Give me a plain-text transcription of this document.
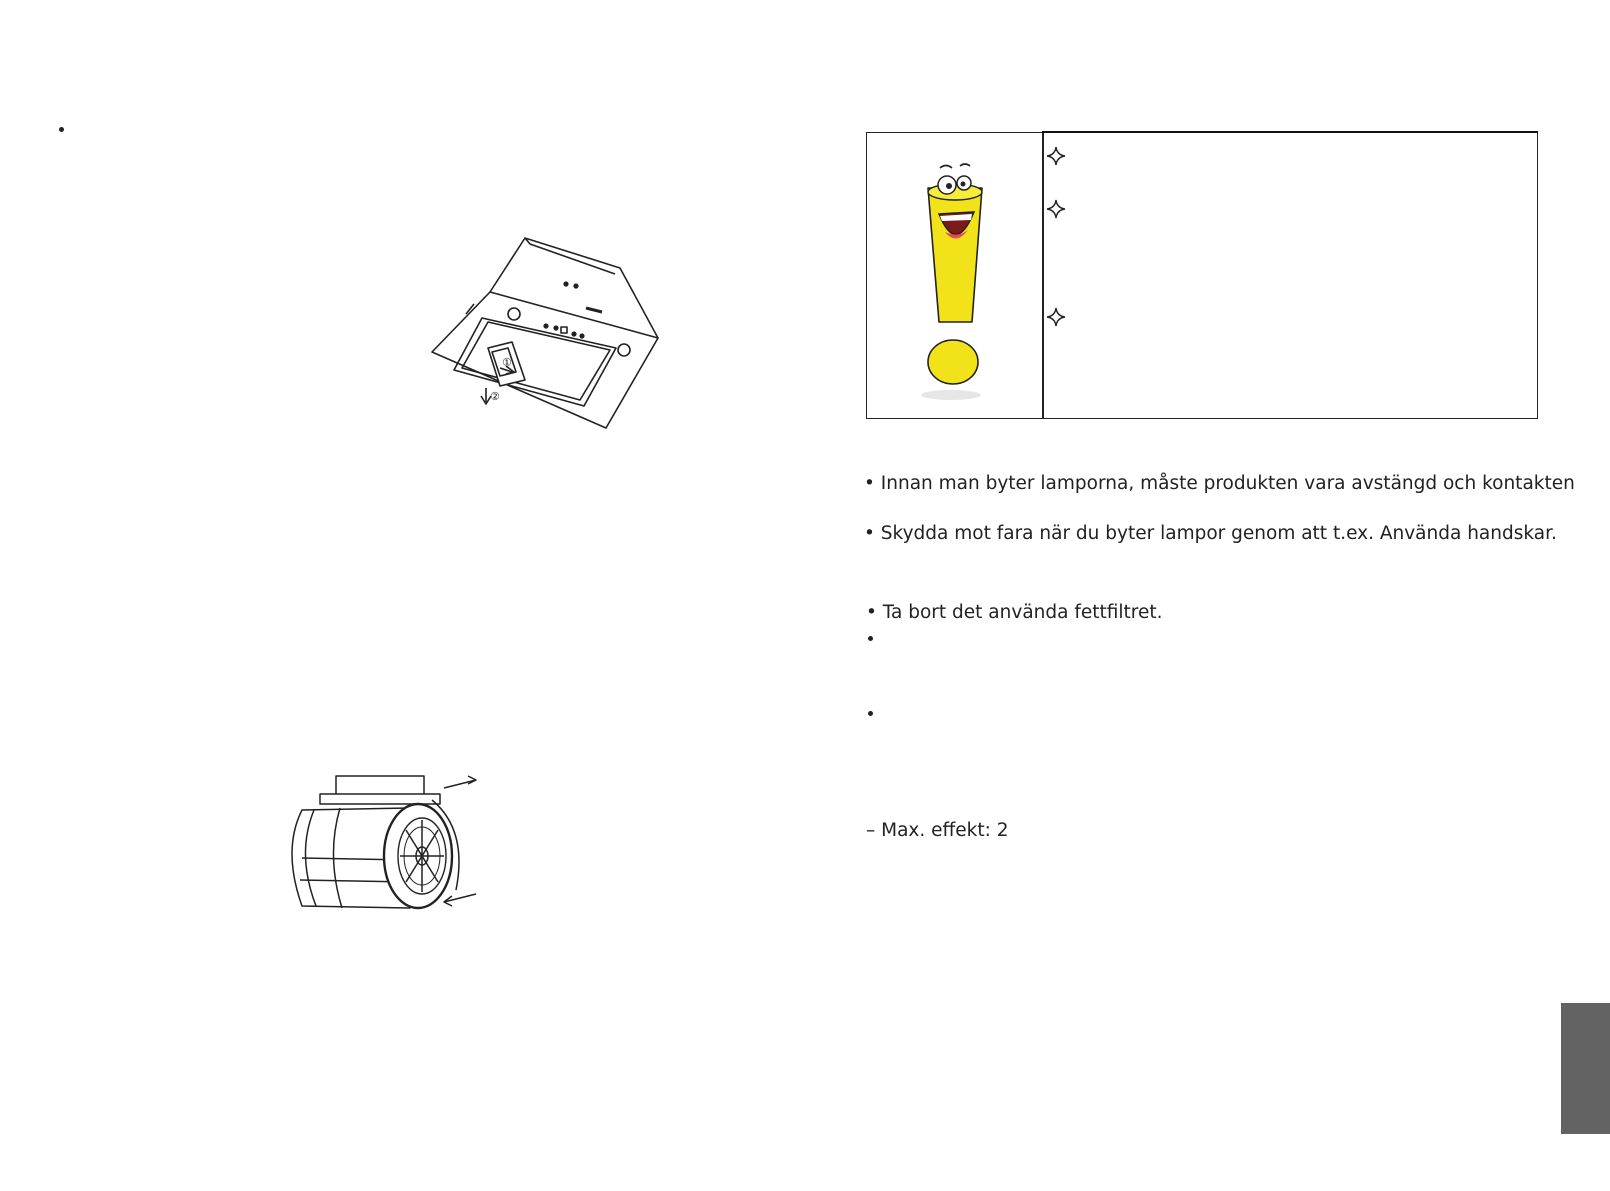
①
②
• Innan man byter lamporna, måste produkten vara avstängd och kontakten
• Skydda mot fara när du byter lampor genom att t.ex. Använda handskar.
• Ta bort det använda fettfiltret.
– Max. effekt: 2
